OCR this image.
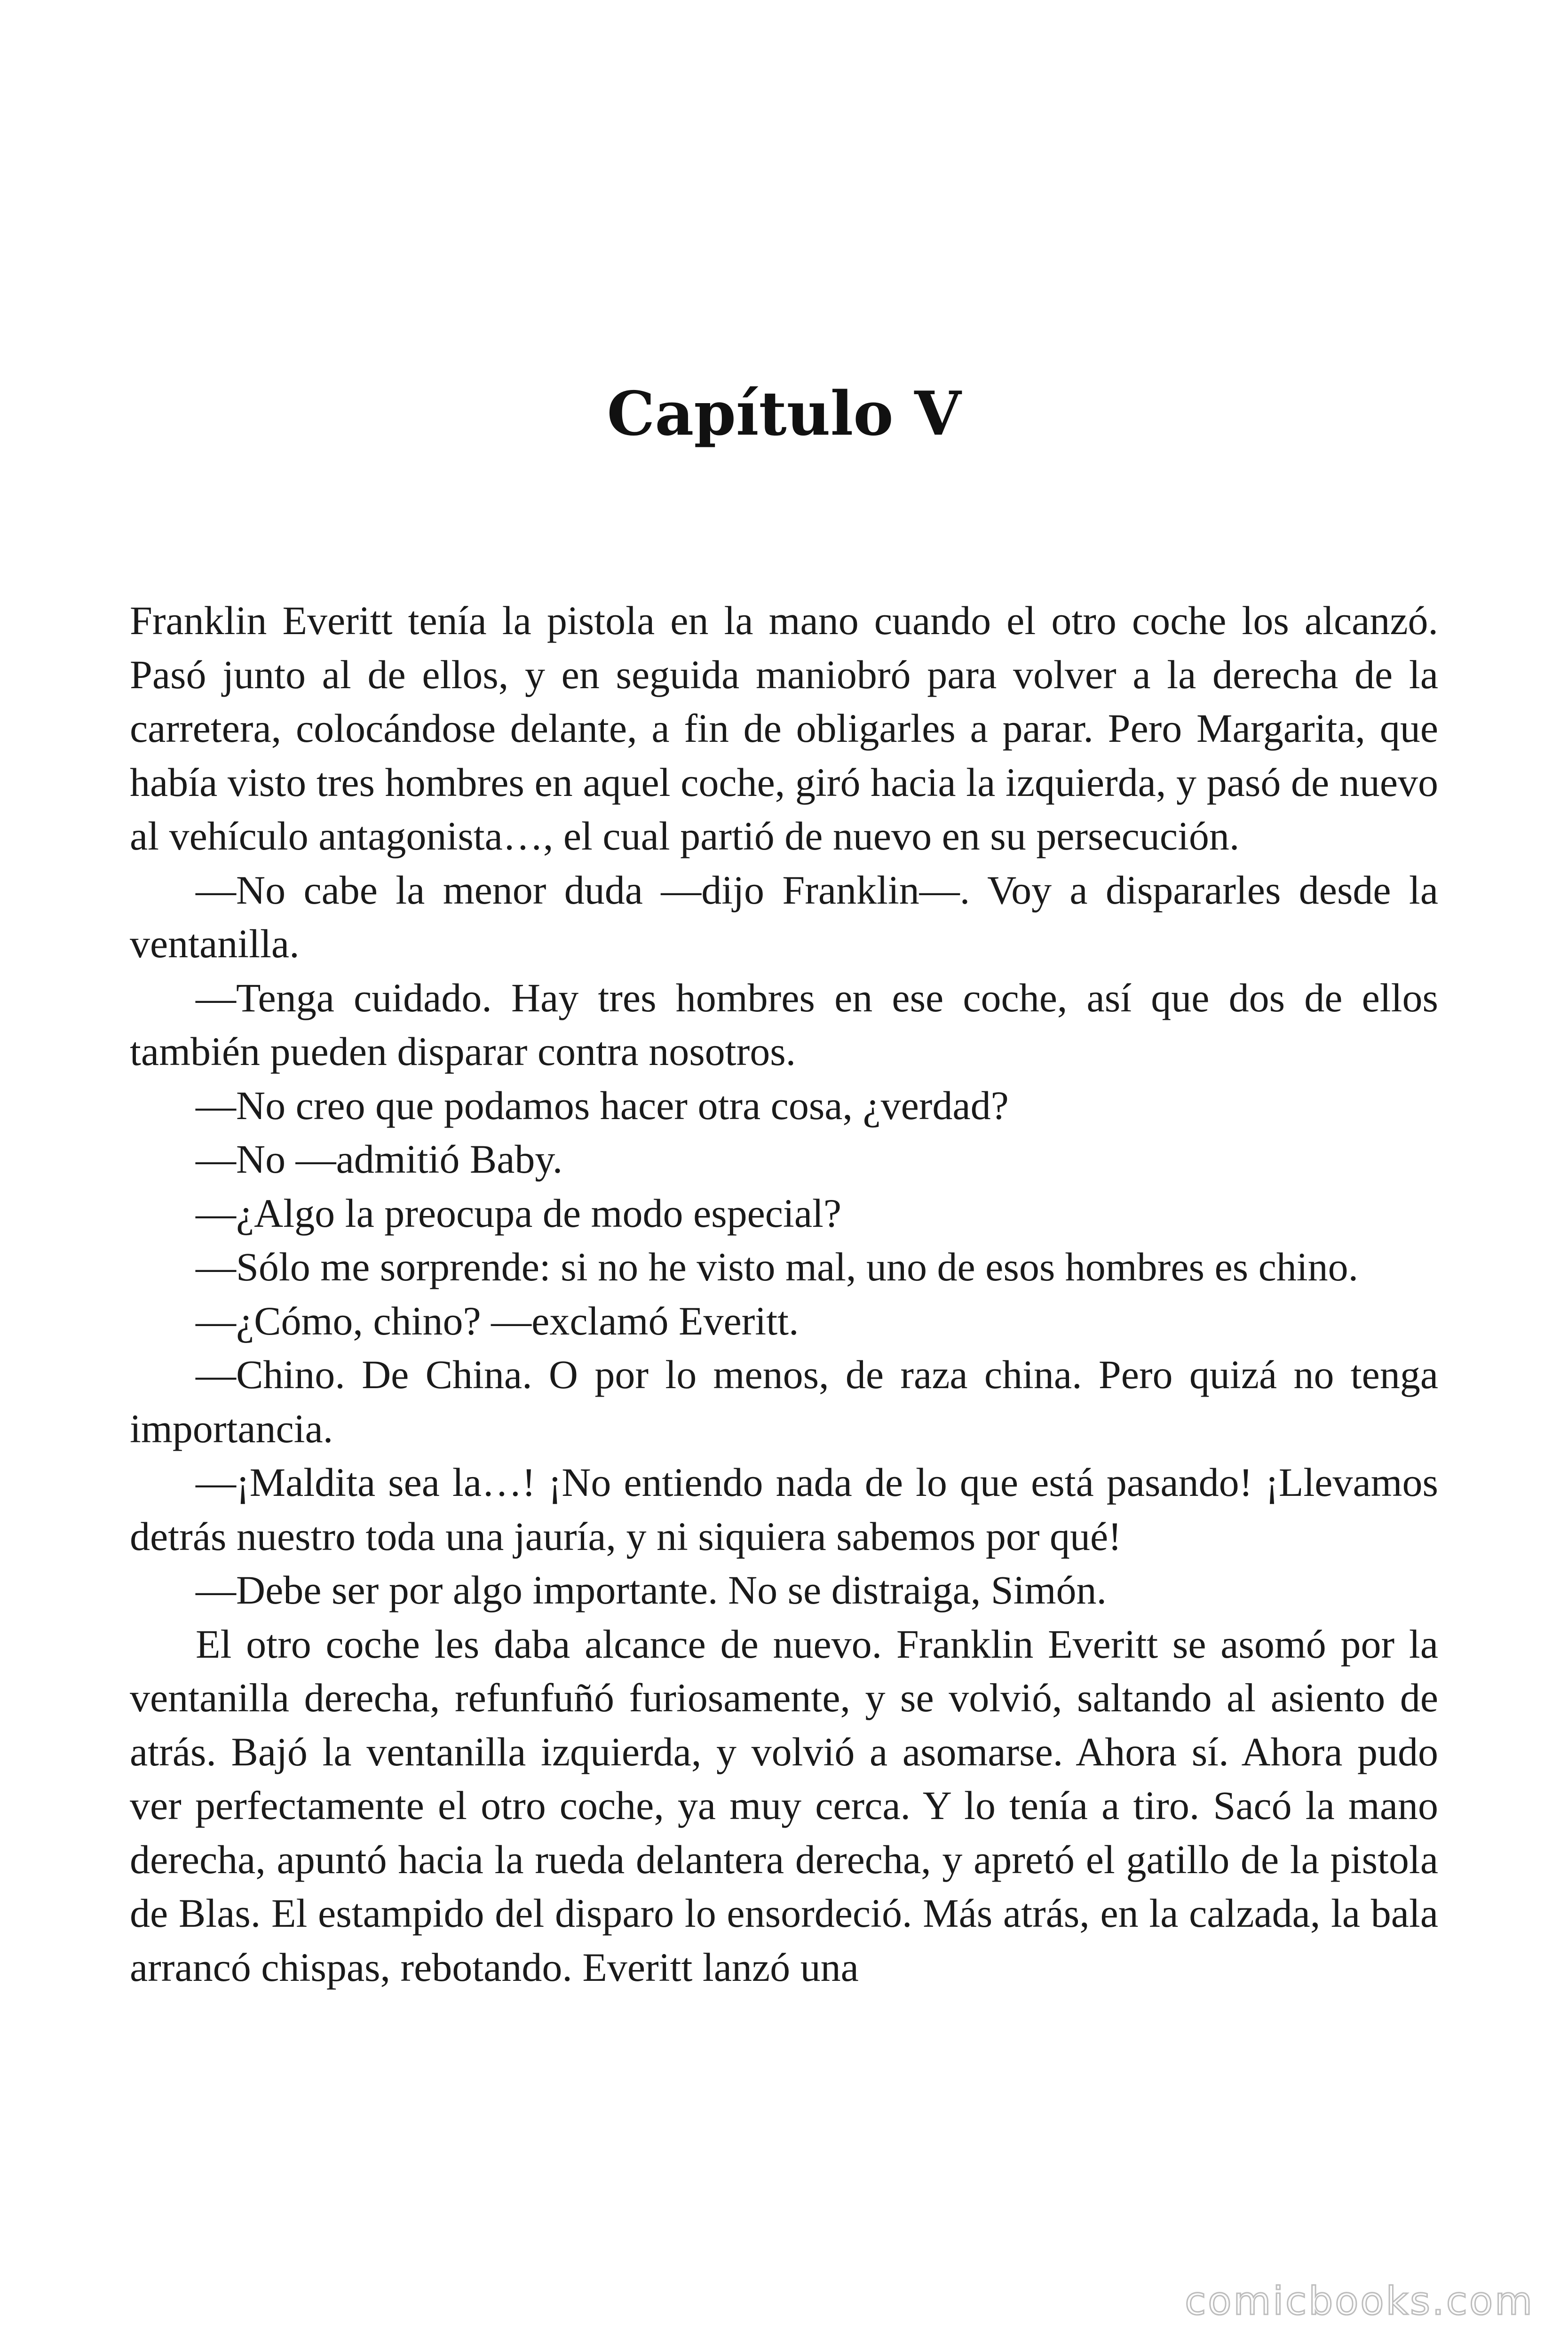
Capítulo V

Franklin Everitt tenía la pistola en la mano cuando el otro coche los alcanzó. Pasó junto al de ellos, y en seguida maniobró para volver a la derecha de la carretera, colocándose delante, a fin de obligarles a parar. Pero Margarita, que había visto tres hombres en aquel coche, giró hacia la izquierda, y pasó de nuevo al vehículo antagonista…, el cual partió de nuevo en su persecución.

—No cabe la menor duda —dijo Franklin—. Voy a dispararles desde la ventanilla.

—Tenga cuidado. Hay tres hombres en ese coche, así que dos de ellos también pueden disparar contra nosotros.

—No creo que podamos hacer otra cosa, ¿verdad?

—No —admitió Baby.

—¿Algo la preocupa de modo especial?

—Sólo me sorprende: si no he visto mal, uno de esos hombres es chino.

—¿Cómo, chino? —exclamó Everitt.

—Chino. De China. O por lo menos, de raza china. Pero quizá no tenga importancia.

—¡Maldita sea la…! ¡No entiendo nada de lo que está pasando! ¡Llevamos detrás nuestro toda una jauría, y ni siquiera sabemos por qué!

—Debe ser por algo importante. No se distraiga, Simón.

El otro coche les daba alcance de nuevo. Franklin Everitt se asomó por la ventanilla derecha, refunfuñó furiosamente, y se volvió, saltando al asiento de atrás. Bajó la ventanilla izquierda, y volvió a asomarse. Ahora sí. Ahora pudo ver perfectamente el otro coche, ya muy cerca. Y lo tenía a tiro. Sacó la mano derecha, apuntó hacia la rueda delantera derecha, y apretó el gatillo de la pistola de Blas. El estampido del disparo lo ensordeció. Más atrás, en la calzada, la bala arrancó chispas, rebotando. Everitt lanzó una

comicbooks.com
